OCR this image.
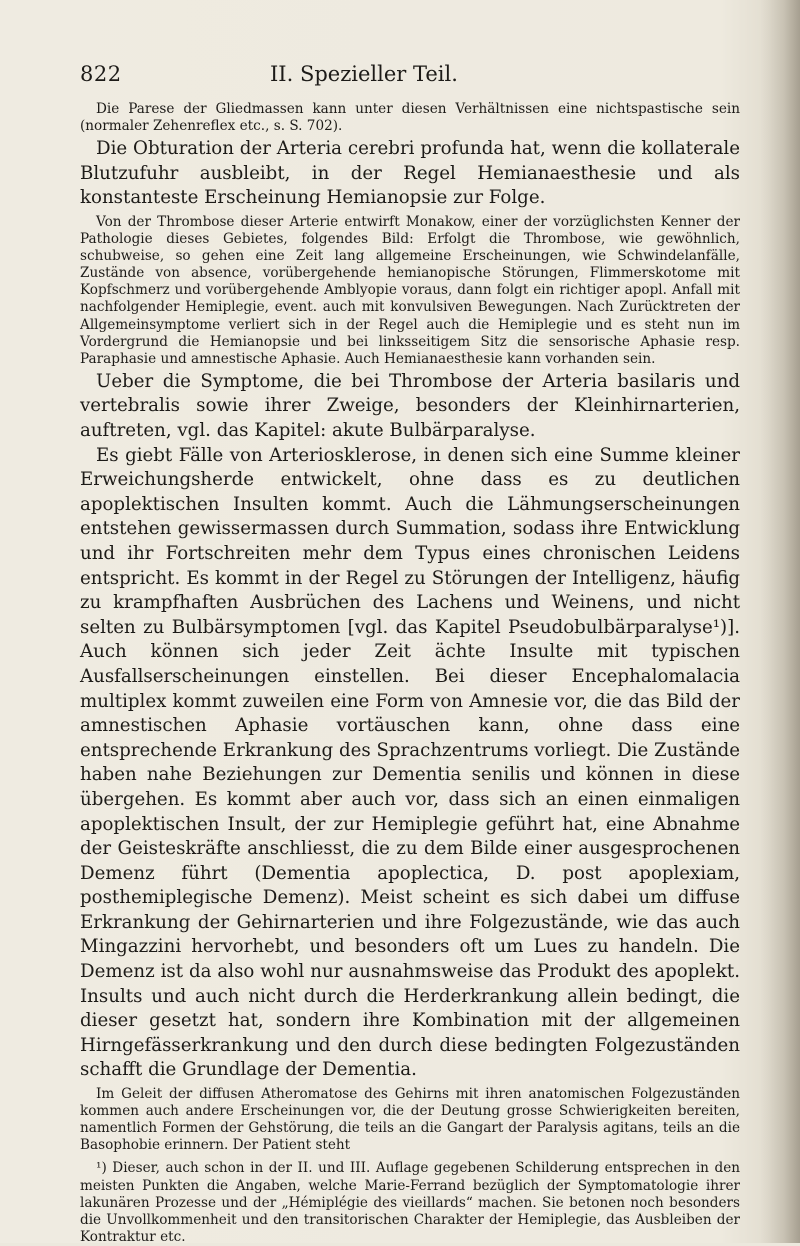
822	II. Spezieller Teil.

Die Parese der Gliedmassen kann unter diesen Verhältnissen eine nichtspastische sein (normaler Zehenreflex etc., s. S. 702).

Die Obturation der Arteria cerebri profunda hat, wenn die kollaterale Blutzufuhr ausbleibt, in der Regel Hemianaesthesie und als konstanteste Erscheinung Hemianopsie zur Folge.

Von der Thrombose dieser Arterie entwirft Monakow, einer der vorzüglichsten Kenner der Pathologie dieses Gebietes, folgendes Bild: Erfolgt die Thrombose, wie gewöhnlich, schubweise, so gehen eine Zeit lang allgemeine Erscheinungen, wie Schwindelanfälle, Zustände von absence, vorübergehende hemianopische Störungen, Flimmerskotome mit Kopfschmerz und vorübergehende Amblyopie voraus, dann folgt ein richtiger apopl. Anfall mit nachfolgender Hemiplegie, event. auch mit konvulsiven Bewegungen. Nach Zurücktreten der Allgemeinsymptome verliert sich in der Regel auch die Hemiplegie und es steht nun im Vordergrund die Hemianopsie und bei linksseitigem Sitz die sensorische Aphasie resp. Paraphasie und amnestische Aphasie. Auch Hemianaesthesie kann vorhanden sein.

Ueber die Symptome, die bei Thrombose der Arteria basilaris und vertebralis sowie ihrer Zweige, besonders der Kleinhirnarterien, auftreten, vgl. das Kapitel: akute Bulbärparalyse.

Es giebt Fälle von Arteriosklerose, in denen sich eine Summe kleiner Erweichungsherde entwickelt, ohne dass es zu deutlichen apoplektischen Insulten kommt. Auch die Lähmungserscheinungen entstehen gewissermassen durch Summation, sodass ihre Entwicklung und ihr Fortschreiten mehr dem Typus eines chronischen Leidens entspricht. Es kommt in der Regel zu Störungen der Intelligenz, häufig zu krampfhaften Ausbrüchen des Lachens und Weinens, und nicht selten zu Bulbärsymptomen [vgl. das Kapitel Pseudobulbärparalyse¹)]. Auch können sich jeder Zeit ächte Insulte mit typischen Ausfallserscheinungen einstellen. Bei dieser Encephalomalacia multiplex kommt zuweilen eine Form von Amnesie vor, die das Bild der amnestischen Aphasie vortäuschen kann, ohne dass eine entsprechende Erkrankung des Sprachzentrums vorliegt. Die Zustände haben nahe Beziehungen zur Dementia senilis und können in diese übergehen. Es kommt aber auch vor, dass sich an einen einmaligen apoplektischen Insult, der zur Hemiplegie geführt hat, eine Abnahme der Geisteskräfte anschliesst, die zu dem Bilde einer ausgesprochenen Demenz führt (Dementia apoplectica, D. post apoplexiam, posthemiplegische Demenz). Meist scheint es sich dabei um diffuse Erkrankung der Gehirnarterien und ihre Folgezustände, wie das auch Mingazzini hervorhebt, und besonders oft um Lues zu handeln. Die Demenz ist da also wohl nur ausnahmsweise das Produkt des apoplekt. Insults und auch nicht durch die Herderkrankung allein bedingt, die dieser gesetzt hat, sondern ihre Kombination mit der allgemeinen Hirngefässerkrankung und den durch diese bedingten Folgezuständen schafft die Grundlage der Dementia.

Im Geleit der diffusen Atheromatose des Gehirns mit ihren anatomischen Folgezuständen kommen auch andere Erscheinungen vor, die der Deutung grosse Schwierigkeiten bereiten, namentlich Formen der Gehstörung, die teils an die Gangart der Paralysis agitans, teils an die Basophobie erinnern. Der Patient steht

¹) Dieser, auch schon in der II. und III. Auflage gegebenen Schilderung entsprechen in den meisten Punkten die Angaben, welche Marie-Ferrand bezüglich der Symptomatologie ihrer lakunären Prozesse und der „Hémiplégie des vieillards“ machen. Sie betonen noch besonders die Unvollkommenheit und den transitorischen Charakter der Hemiplegie, das Ausbleiben der Kontraktur etc.
